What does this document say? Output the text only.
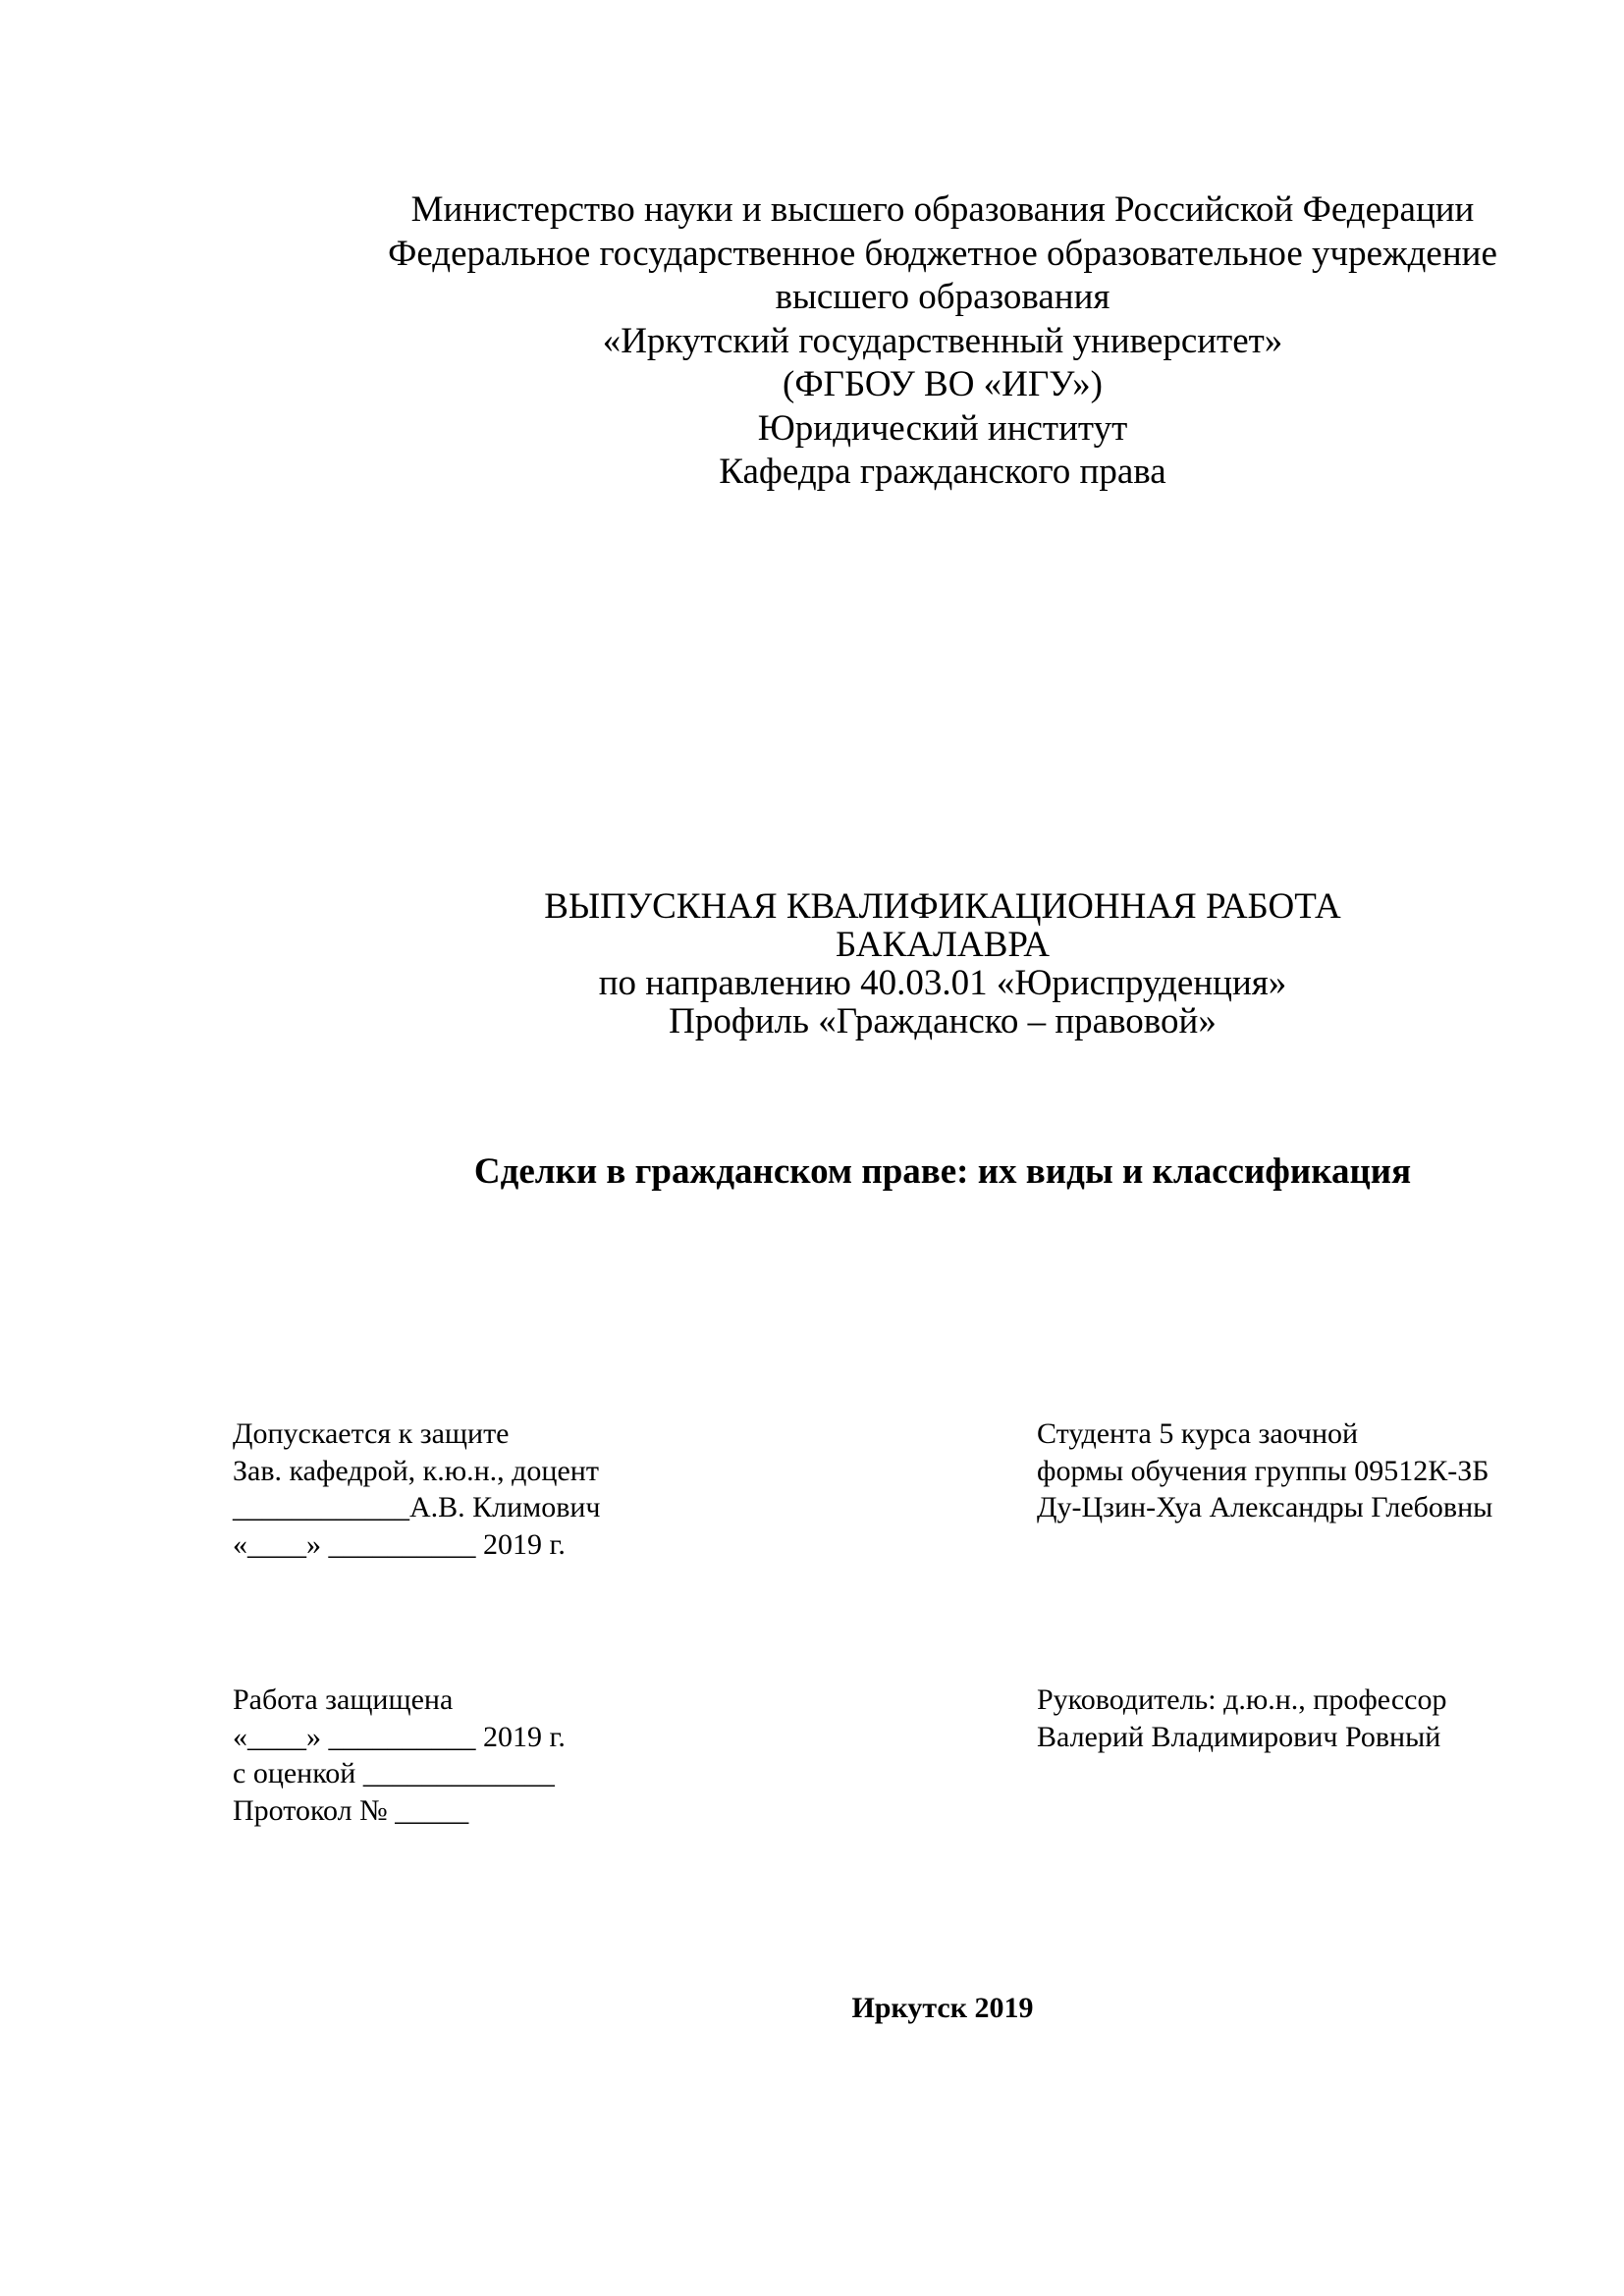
Министерство науки и высшего образования Российской Федерации
Федеральное государственное бюджетное образовательное учреждение
высшего образования
«Иркутский государственный университет»
(ФГБОУ ВО «ИГУ»)
Юридический институт
Кафедра гражданского права
ВЫПУСКНАЯ КВАЛИФИКАЦИОННАЯ РАБОТА
БАКАЛАВРА
по направлению 40.03.01 «Юриспруденция»
Профиль «Гражданско – правовой»
Сделки в гражданском праве: их виды и классификация
Допускается к защите
Зав. кафедрой, к.ю.н., доцент
____________А.В. Климович
«____» __________ 2019 г.
Студента 5 курса заочной
формы обучения группы 09512К-ЗБ
Ду-Цзин-Хуа Александры Глебовны
Работа защищена
«____» __________ 2019 г.
с оценкой _____________
Протокол № _____
Руководитель: д.ю.н., профессор
Валерий Владимирович Ровный
Иркутск 2019
